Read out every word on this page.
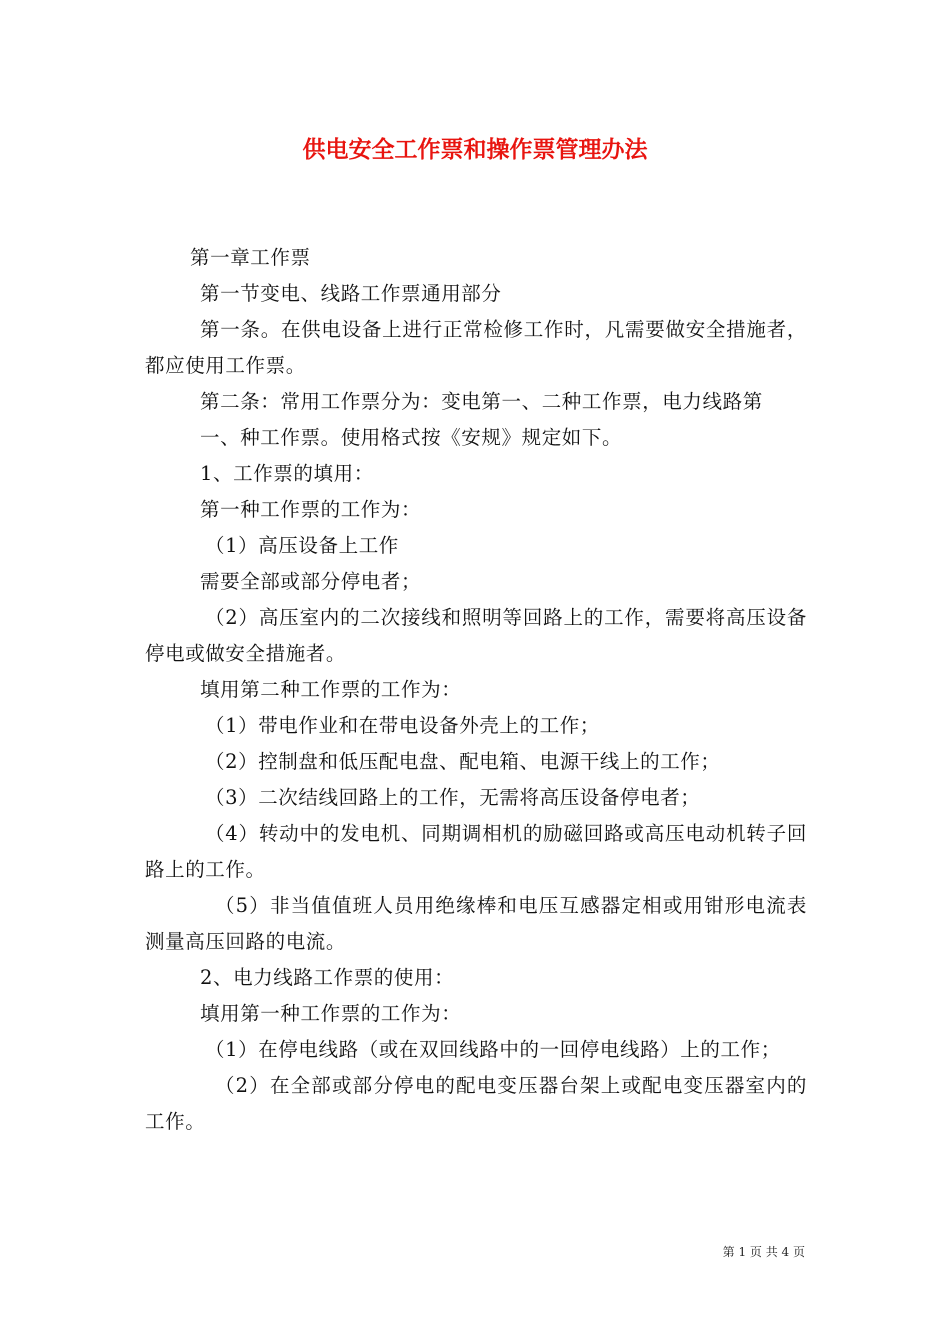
供电安全工作票和操作票管理办法

第一章工作票

第一节变电、线路工作票通用部分

第一条。在供电设备上进行正常检修工作时，凡需要做安全措施者，都应使用工作票。

第二条：常用工作票分为：变电第一、二种工作票，电力线路第

一、种工作票。使用格式按《安规》规定如下。

1、工作票的填用：

第一种工作票的工作为：

（1）高压设备上工作

需要全部或部分停电者；

（2）高压室内的二次接线和照明等回路上的工作，需要将高压设备停电或做安全措施者。

填用第二种工作票的工作为：

（1）带电作业和在带电设备外壳上的工作；

（2）控制盘和低压配电盘、配电箱、电源干线上的工作；

（3）二次结线回路上的工作，无需将高压设备停电者；

（4）转动中的发电机、同期调相机的励磁回路或高压电动机转子回路上的工作。

（5）非当值值班人员用绝缘棒和电压互感器定相或用钳形电流表测量高压回路的电流。

2、电力线路工作票的使用：

填用第一种工作票的工作为：

（1）在停电线路（或在双回线路中的一回停电线路）上的工作；

（2）在全部或部分停电的配电变压器台架上或配电变压器室内的工作。

第 1 页 共 4 页
